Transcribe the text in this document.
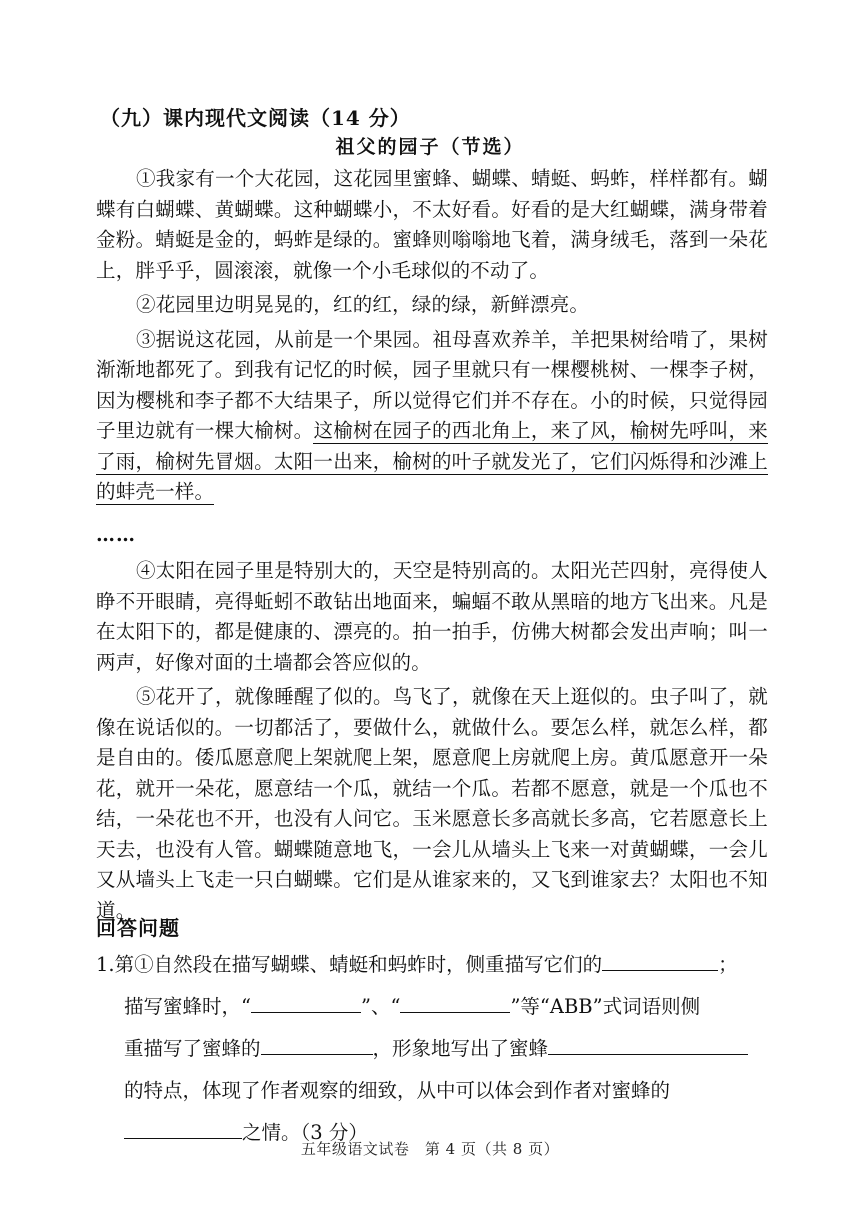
（九）课内现代文阅读（14 分）
祖父的园子（节选）

①我家有一个大花园，这花园里蜜蜂、蝴蝶、蜻蜓、蚂蚱，样样都有。蝴蝶有白蝴蝶、黄蝴蝶。这种蝴蝶小，不太好看。好看的是大红蝴蝶，满身带着金粉。蜻蜓是金的，蚂蚱是绿的。蜜蜂则嗡嗡地飞着，满身绒毛，落到一朵花上，胖乎乎，圆滚滚，就像一个小毛球似的不动了。

②花园里边明晃晃的，红的红，绿的绿，新鲜漂亮。

③据说这花园，从前是一个果园。祖母喜欢养羊，羊把果树给啃了，果树渐渐地都死了。到我有记忆的时候，园子里就只有一棵樱桃树、一棵李子树，因为樱桃和李子都不大结果子，所以觉得它们并不存在。小的时候，只觉得园子里边就有一棵大榆树。这榆树在园子的西北角上，来了风，榆树先呼叫，来了雨，榆树先冒烟。太阳一出来，榆树的叶子就发光了，它们闪烁得和沙滩上的蚌壳一样。

……

④太阳在园子里是特别大的，天空是特别高的。太阳光芒四射，亮得使人睁不开眼睛，亮得蚯蚓不敢钻出地面来，蝙蝠不敢从黑暗的地方飞出来。凡是在太阳下的，都是健康的、漂亮的。拍一拍手，仿佛大树都会发出声响；叫一两声，好像对面的土墙都会答应似的。

⑤花开了，就像睡醒了似的。鸟飞了，就像在天上逛似的。虫子叫了，就像在说话似的。一切都活了，要做什么，就做什么。要怎么样，就怎么样，都是自由的。倭瓜愿意爬上架就爬上架，愿意爬上房就爬上房。黄瓜愿意开一朵花，就开一朵花，愿意结一个瓜，就结一个瓜。若都不愿意，就是一个瓜也不结，一朵花也不开，也没有人问它。玉米愿意长多高就长多高，它若愿意长上天去，也没有人管。蝴蝶随意地飞，一会儿从墙头上飞来一对黄蝴蝶，一会儿又从墙头上飞走一只白蝴蝶。它们是从谁家来的，又飞到谁家去？太阳也不知道。

回答问题
1.第①自然段在描写蝴蝶、蜻蜓和蚂蚱时，侧重描写它们的	；
描写蜜蜂时，“	”、“	”等“ABB”式词语则侧
重描写了蜜蜂的	，形象地写出了蜜蜂
的特点，体现了作者观察的细致，从中可以体会到作者对蜜蜂的
之情。（3 分）
五年级语文试卷　第 4 页（共 8 页）
